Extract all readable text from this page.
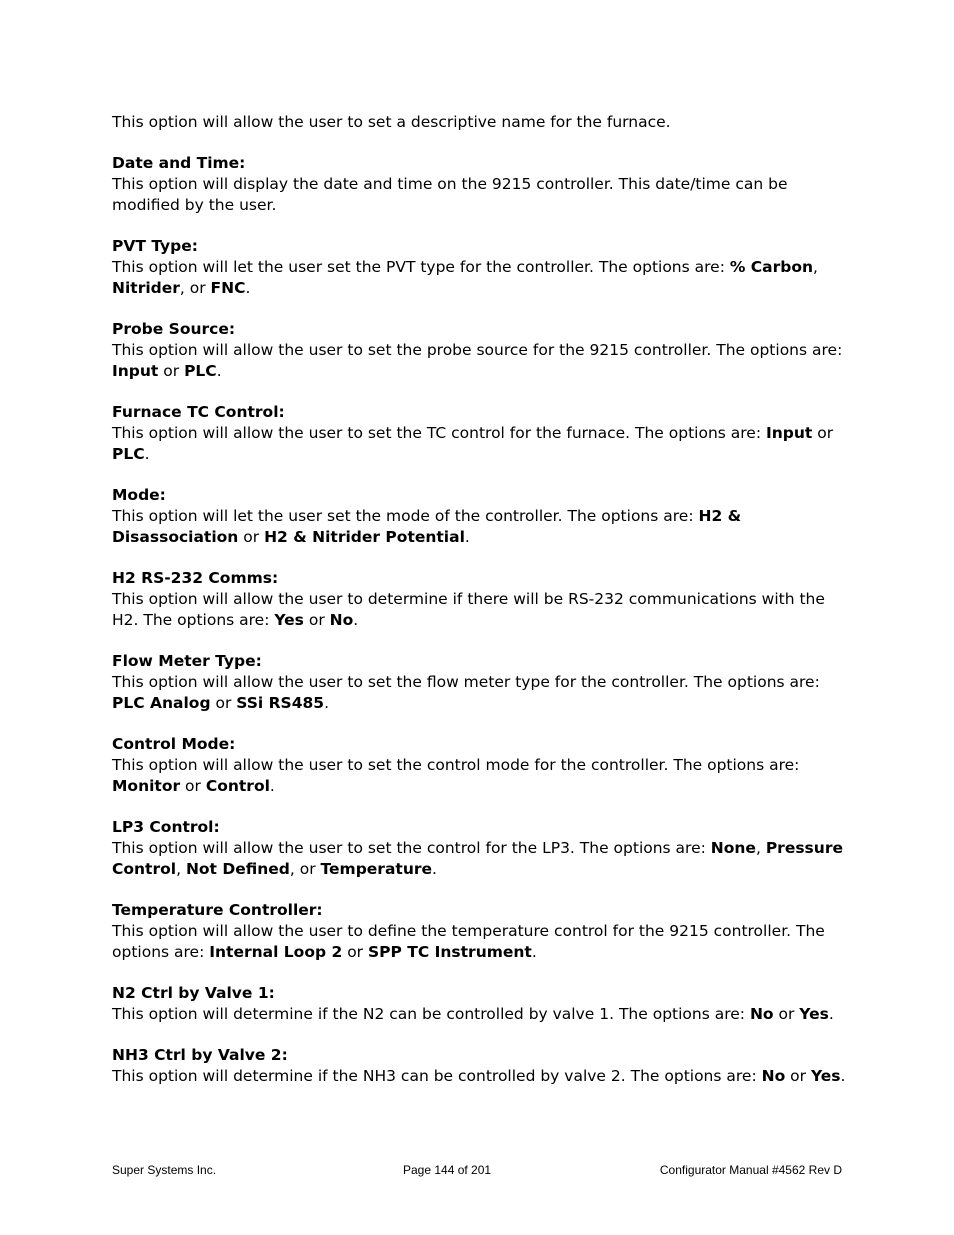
This option will allow the user to set a descriptive name for the furnace.

Date and Time:

This option will display the date and time on the 9215 controller. This date/time can be modified by the user.

PVT Type:

This option will let the user set the PVT type for the controller. The options are: % Carbon, Nitrider, or FNC.

Probe Source:

This option will allow the user to set the probe source for the 9215 controller. The options are: Input or PLC.

Furnace TC Control:

This option will allow the user to set the TC control for the furnace. The options are: Input or PLC.

Mode:

This option will let the user set the mode of the controller. The options are: H2 & Disassociation or H2 & Nitrider Potential.

H2 RS-232 Comms:

This option will allow the user to determine if there will be RS-232 communications with the H2. The options are: Yes or No.

Flow Meter Type:

This option will allow the user to set the flow meter type for the controller. The options are: PLC Analog or SSi RS485.

Control Mode:

This option will allow the user to set the control mode for the controller. The options are: Monitor or Control.

LP3 Control:

This option will allow the user to set the control for the LP3. The options are: None, Pressure Control, Not Defined, or Temperature.

Temperature Controller:

This option will allow the user to define the temperature control for the 9215 controller. The options are: Internal Loop 2 or SPP TC Instrument.

N2 Ctrl by Valve 1:

This option will determine if the N2 can be controlled by valve 1. The options are: No or Yes.

NH3 Ctrl by Valve 2:

This option will determine if the NH3 can be controlled by valve 2. The options are: No or Yes.

Super Systems Inc.	Page 144 of 201	Configurator Manual #4562 Rev D
